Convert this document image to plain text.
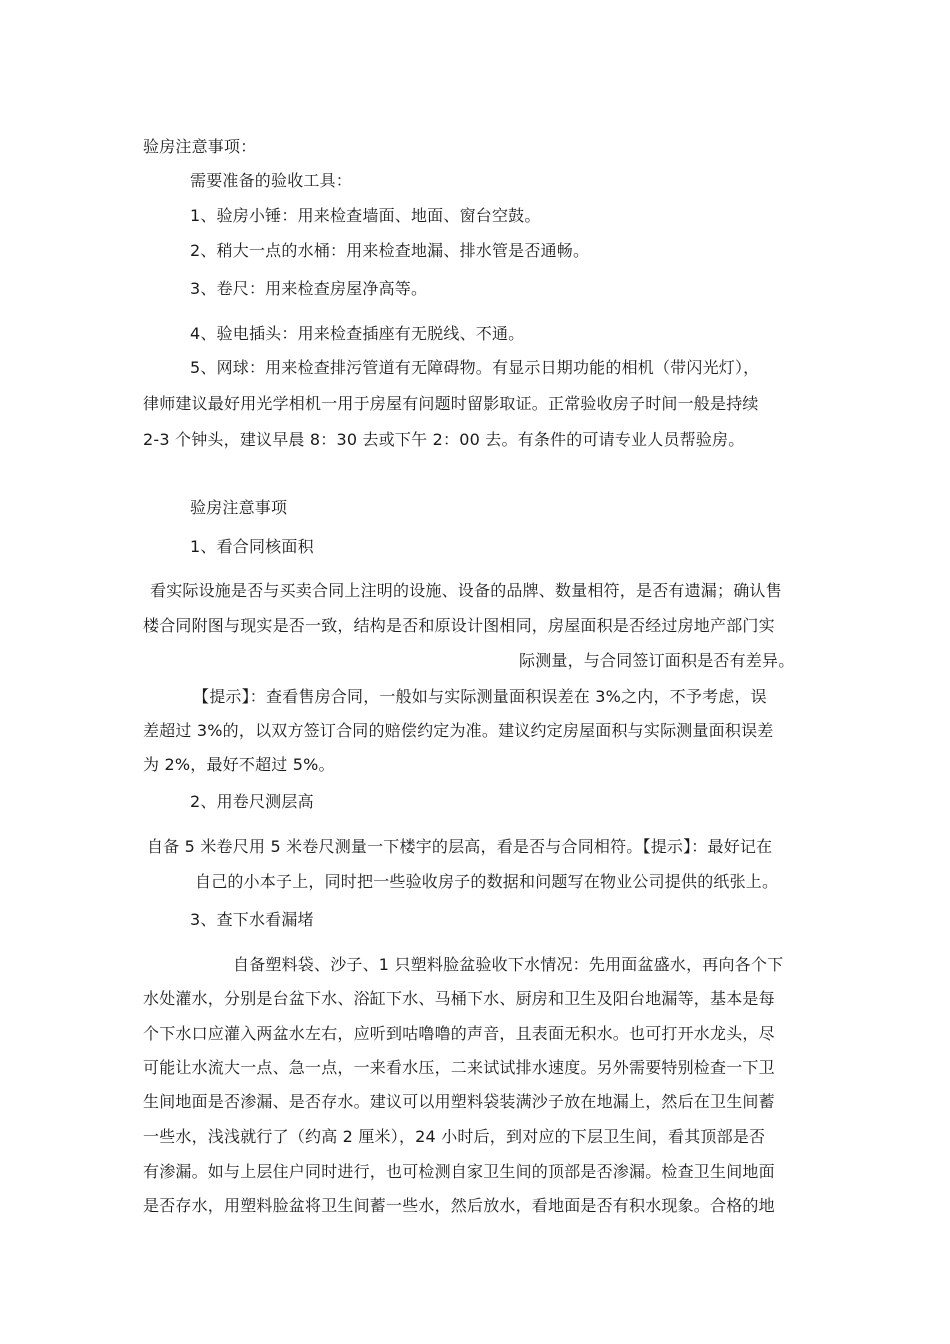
验房注意事项：
需要准备的验收工具：
1、验房小锤：用来检查墙面、地面、窗台空鼓。
2、稍大一点的水桶：用来检查地漏、排水管是否通畅。
3、卷尺：用来检查房屋净高等。
4、验电插头：用来检查插座有无脱线、不通。
5、网球：用来检查排污管道有无障碍物。有显示日期功能的相机（带闪光灯），
律师建议最好用光学相机一用于房屋有问题时留影取证。正常验收房子时间一般是持续
2-3 个钟头，建议早晨 8：30 去或下午 2：00 去。有条件的可请专业人员帮验房。
验房注意事项
1、看合同核面积
看实际设施是否与买卖合同上注明的设施、设备的品牌、数量相符，是否有遗漏；确认售
楼合同附图与现实是否一致，结构是否和原设计图相同，房屋面积是否经过房地产部门实
际测量，与合同签订面积是否有差异。
【提示】：查看售房合同，一般如与实际测量面积误差在 3%之内，不予考虑，误
差超过 3%的，以双方签订合同的赔偿约定为准。建议约定房屋面积与实际测量面积误差
为 2%，最好不超过 5%。
2、用卷尺测层高
自备 5 米卷尺用 5 米卷尺测量一下楼宇的层高，看是否与合同相符。【提示】：最好记在
自己的小本子上，同时把一些验收房子的数据和问题写在物业公司提供的纸张上。
3、查下水看漏堵
自备塑料袋、沙子、1 只塑料脸盆验收下水情况：先用面盆盛水，再向各个下
水处灌水，分别是台盆下水、浴缸下水、马桶下水、厨房和卫生及阳台地漏等，基本是每
个下水口应灌入两盆水左右，应听到咕噜噜的声音，且表面无积水。也可打开水龙头，尽
可能让水流大一点、急一点，一来看水压，二来试试排水速度。另外需要特别检查一下卫
生间地面是否渗漏、是否存水。建议可以用塑料袋装满沙子放在地漏上，然后在卫生间蓄
一些水，浅浅就行了（约高 2 厘米），24 小时后，到对应的下层卫生间，看其顶部是否
有渗漏。如与上层住户同时进行，也可检测自家卫生间的顶部是否渗漏。检查卫生间地面
是否存水，用塑料脸盆将卫生间蓄一些水，然后放水，看地面是否有积水现象。合格的地
